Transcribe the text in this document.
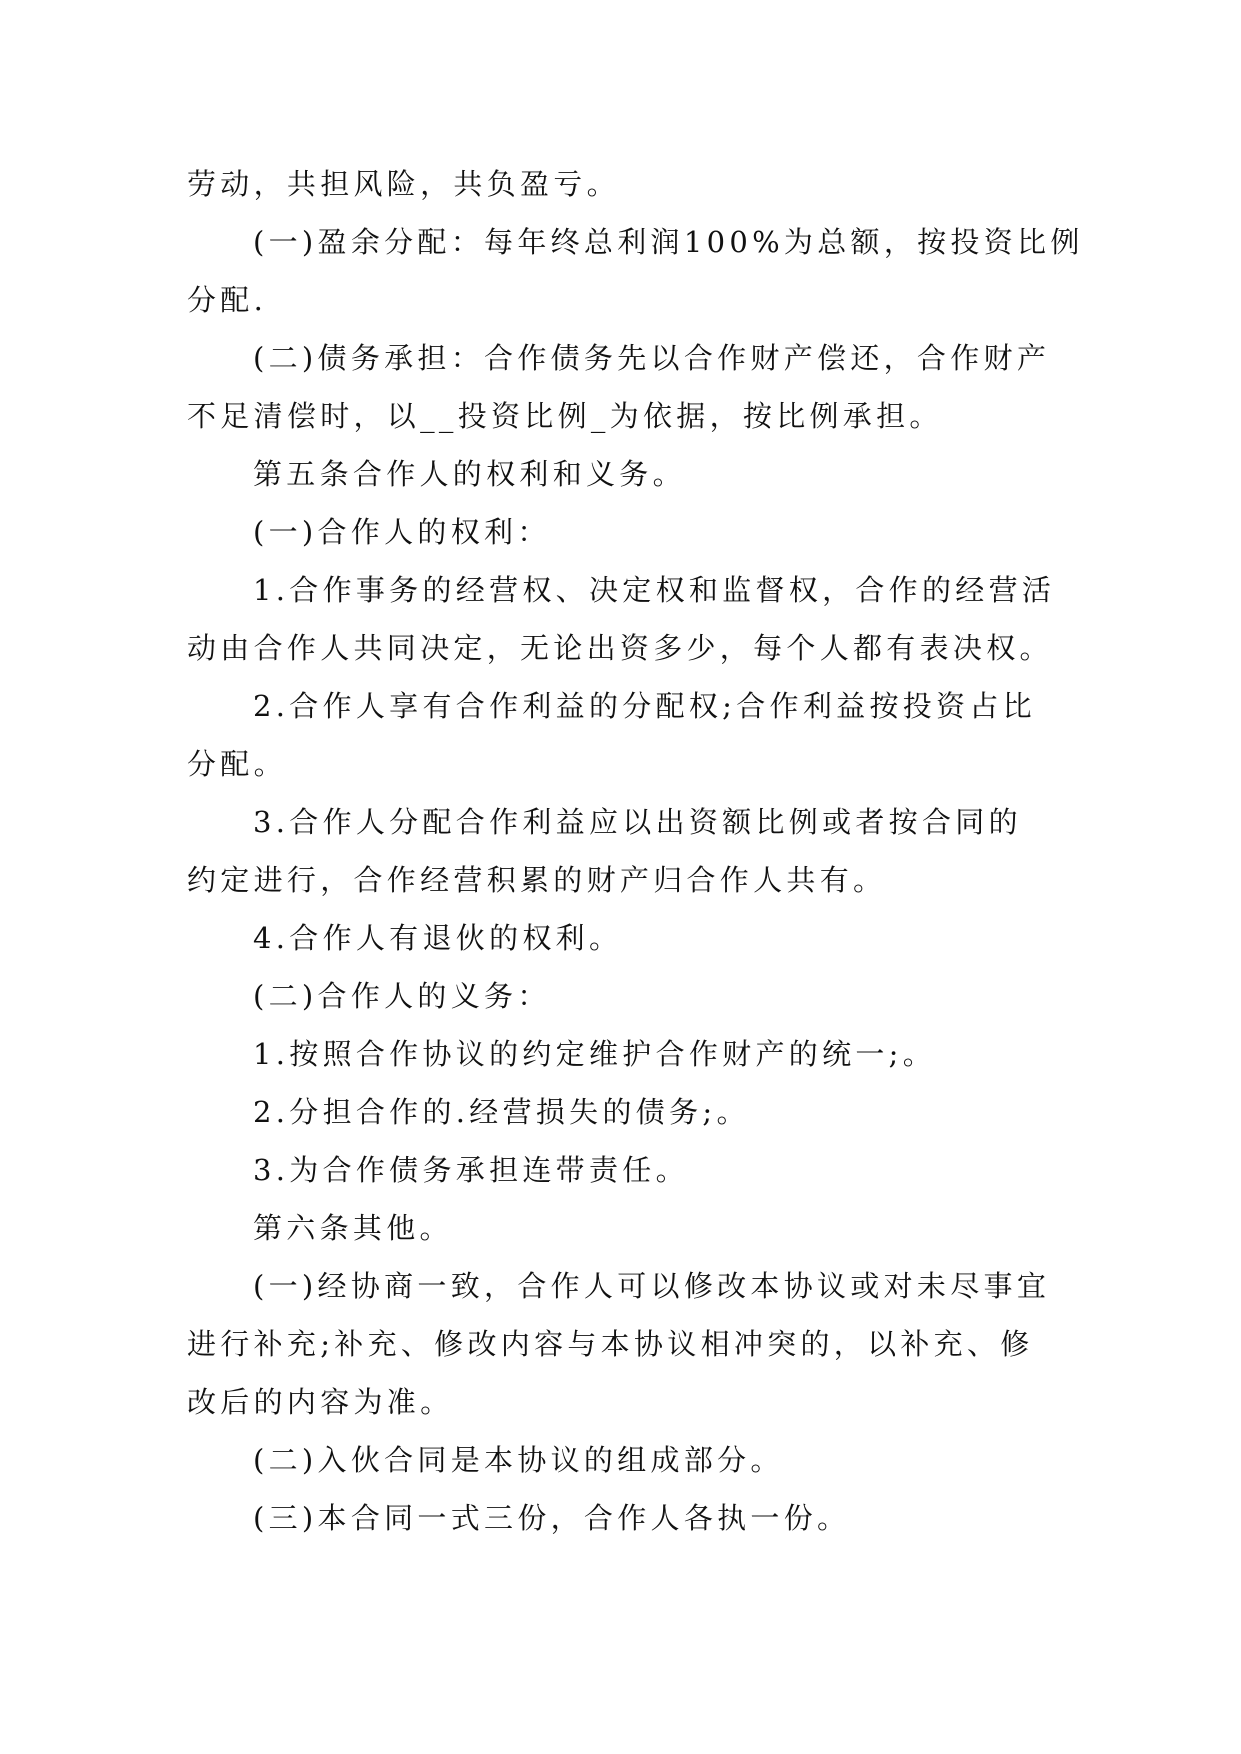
劳动，共担风险，共负盈亏。
(一)盈余分配：每年终总利润100%为总额，按投资比例
分配.
(二)债务承担：合作债务先以合作财产偿还，合作财产
不足清偿时，以__投资比例_为依据，按比例承担。
第五条合作人的权利和义务。
(一)合作人的权利：
1.合作事务的经营权、决定权和监督权，合作的经营活
动由合作人共同决定，无论出资多少，每个人都有表决权。
2.合作人享有合作利益的分配权;合作利益按投资占比
分配。
3.合作人分配合作利益应以出资额比例或者按合同的
约定进行，合作经营积累的财产归合作人共有。
4.合作人有退伙的权利。
(二)合作人的义务：
1.按照合作协议的约定维护合作财产的统一;。
2.分担合作的.经营损失的债务;。
3.为合作债务承担连带责任。
第六条其他。
(一)经协商一致，合作人可以修改本协议或对未尽事宜
进行补充;补充、修改内容与本协议相冲突的，以补充、修
改后的内容为准。
(二)入伙合同是本协议的组成部分。
(三)本合同一式三份，合作人各执一份。
